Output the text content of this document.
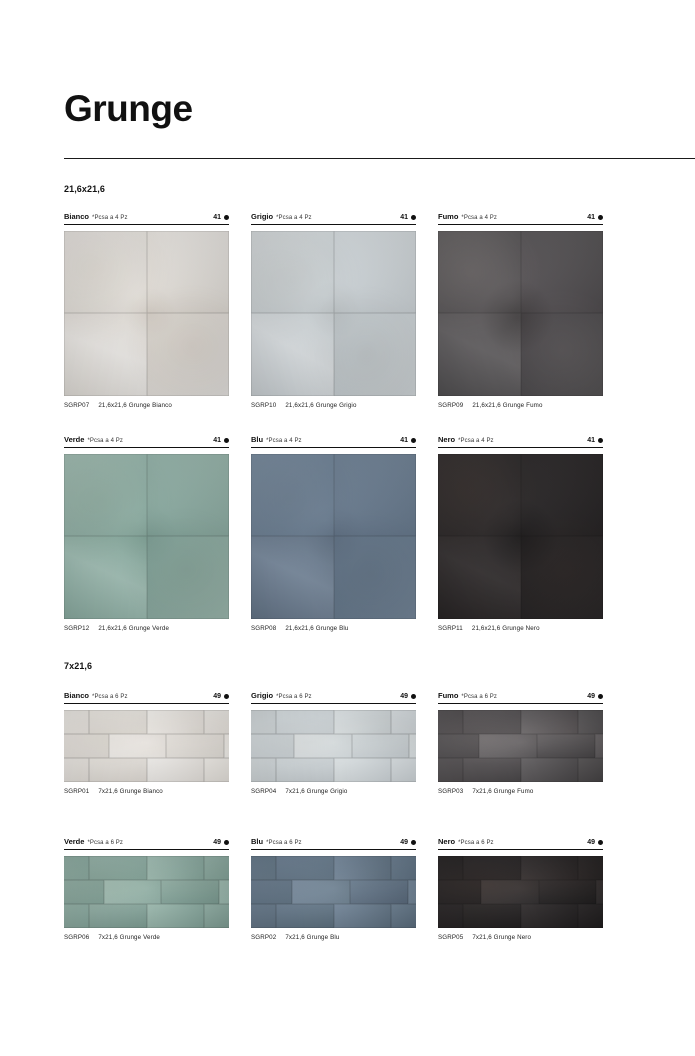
Grunge
21,6x21,6
Bianco *Pcsа a 4 Pz	41
SGRP07 21,6x21,6 Grunge Bianco
Grigio *Pcsа a 4 Pz	41
SGRP10 21,6x21,6 Grunge Grigio
Fumo *Pcsа a 4 Pz	41
SGRP09 21,6x21,6 Grunge Fumo
Verde *Pcsа a 4 Pz	41
SGRP12 21,6x21,6 Grunge Verde
Blu *Pcsа a 4 Pz	41
SGRP08 21,6x21,6 Grunge Blu
Nero *Pcsа a 4 Pz	41
SGRP11 21,6x21,6 Grunge Nero
7x21,6
Bianco *Pcsа a 6 Pz	49
SGRP01 7x21,6 Grunge Bianco
Grigio *Pcsа a 6 Pz	49
SGRP04 7x21,6 Grunge Grigio
Fumo *Pcsа a 6 Pz	49
SGRP03 7x21,6 Grunge Fumo
Verde *Pcsа a 6 Pz	49
SGRP06 7x21,6 Grunge Verde
Blu *Pcsа a 6 Pz	49
SGRP02 7x21,6 Grunge Blu
Nero *Pcsа a 6 Pz	49
SGRP05 7x21,6 Grunge Nero
